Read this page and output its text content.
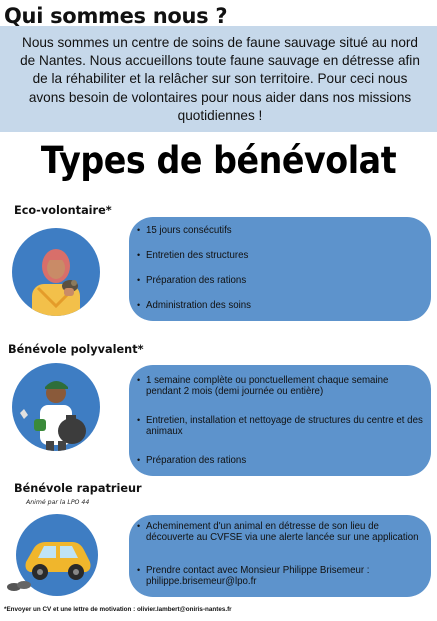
Qui sommes nous ?

Nous sommes un centre de soins de faune sauvage situé au nord de Nantes. Nous accueillons toute faune sauvage en détresse afin de la réhabiliter et la relâcher sur son territoire. Pour ceci nous avons besoin de volontaires pour nous aider dans nos missions quotidiennes !

Types de bénévolat
Eco-volontaire*
• 15 jours consécutifs
• Entretien des structures
• Préparation des rations
• Administration des soins
Bénévole polyvalent*
• 1 semaine complète ou ponctuellement chaque semaine pendant 2 mois (demi journée ou entière)
• Entretien, installation et nettoyage de structures du centre et des animaux
• Préparation des rations
Bénévole rapatrieur
Animé par la LPO 44
• Acheminement d'un animal en détresse de son lieu de découverte au CVFSE via une alerte lancée sur une application
• Prendre contact avec Monsieur Philippe Brisemeur : philippe.brisemeur@lpo.fr
*Envoyer un CV et une lettre de motivation : olivier.lambert@oniris-nantes.fr
